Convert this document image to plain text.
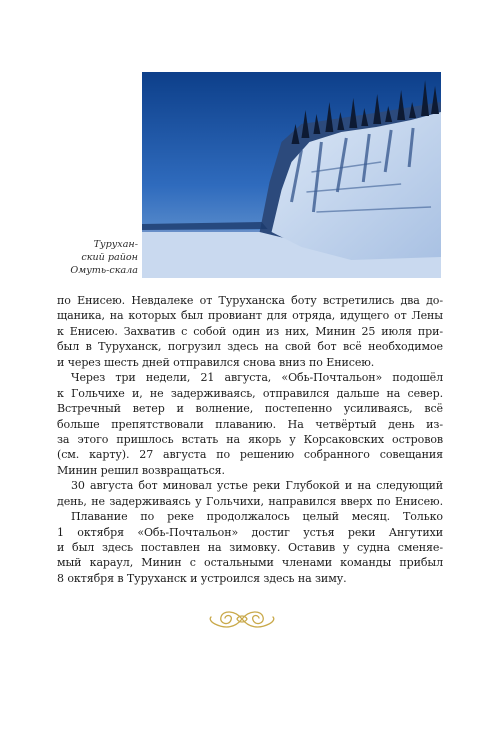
Турухан-
ский район
Омуть-скала
по Енисею. Невдалеке от Туруханска боту встретились два до-
щаника, на которых был провиант для отряда, идущего от Лены
к Енисею. Захватив с собой один из них, Минин 25 июля при-
был в Туруханск, погрузил здесь на свой бот всё необходимое
и через шесть дней отправился снова вниз по Енисею.
Через три недели, 21 августа, «Обь-Почтальон» подошёл
к Гольчихе и, не задерживаясь, отправился дальше на север.
Встречный ветер и волнение, постепенно усиливаясь, всё
больше препятствовали плаванию. На четвёртый день из-
за этого пришлось встать на якорь у Корсаковских островов
(см. карту). 27 августа по решению собранного совещания
Минин решил возвращаться.
30 августа бот миновал устье реки Глубокой и на следующий
день, не задерживаясь у Гольчихи, направился вверх по Енисею.
Плавание по реке продолжалось целый месяц. Только
1 октября «Обь-Почтальон» достиг устья реки Ангутихи
и был здесь поставлен на зимовку. Оставив у судна сменяе-
мый караул, Минин с остальными членами команды прибыл
8 октября в Туруханск и устроился здесь на зиму.
